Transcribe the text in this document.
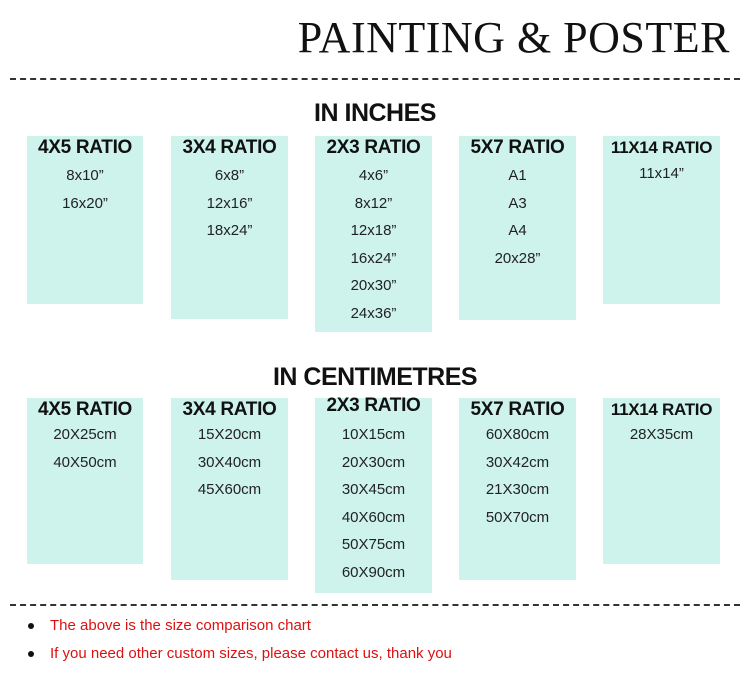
PAINTING & POSTER
IN INCHES
4X5 RATIO
8x10”
16x20”
3X4 RATIO
6x8”
12x16”
18x24”
2X3 RATIO
4x6”
8x12”
12x18”
16x24”
20x30”
24x36”
5X7 RATIO
A1
A3
A4
20x28”
11X14 RATIO
11x14”
IN CENTIMETRES
4X5 RATIO
20X25cm
40X50cm
3X4 RATIO
15X20cm
30X40cm
45X60cm
2X3 RATIO
10X15cm
20X30cm
30X45cm
40X60cm
50X75cm
60X90cm
5X7 RATIO
60X80cm
30X42cm
21X30cm
50X70cm
11X14 RATIO
28X35cm
The above is the size comparison chart
If you need other custom sizes, please contact us, thank you
